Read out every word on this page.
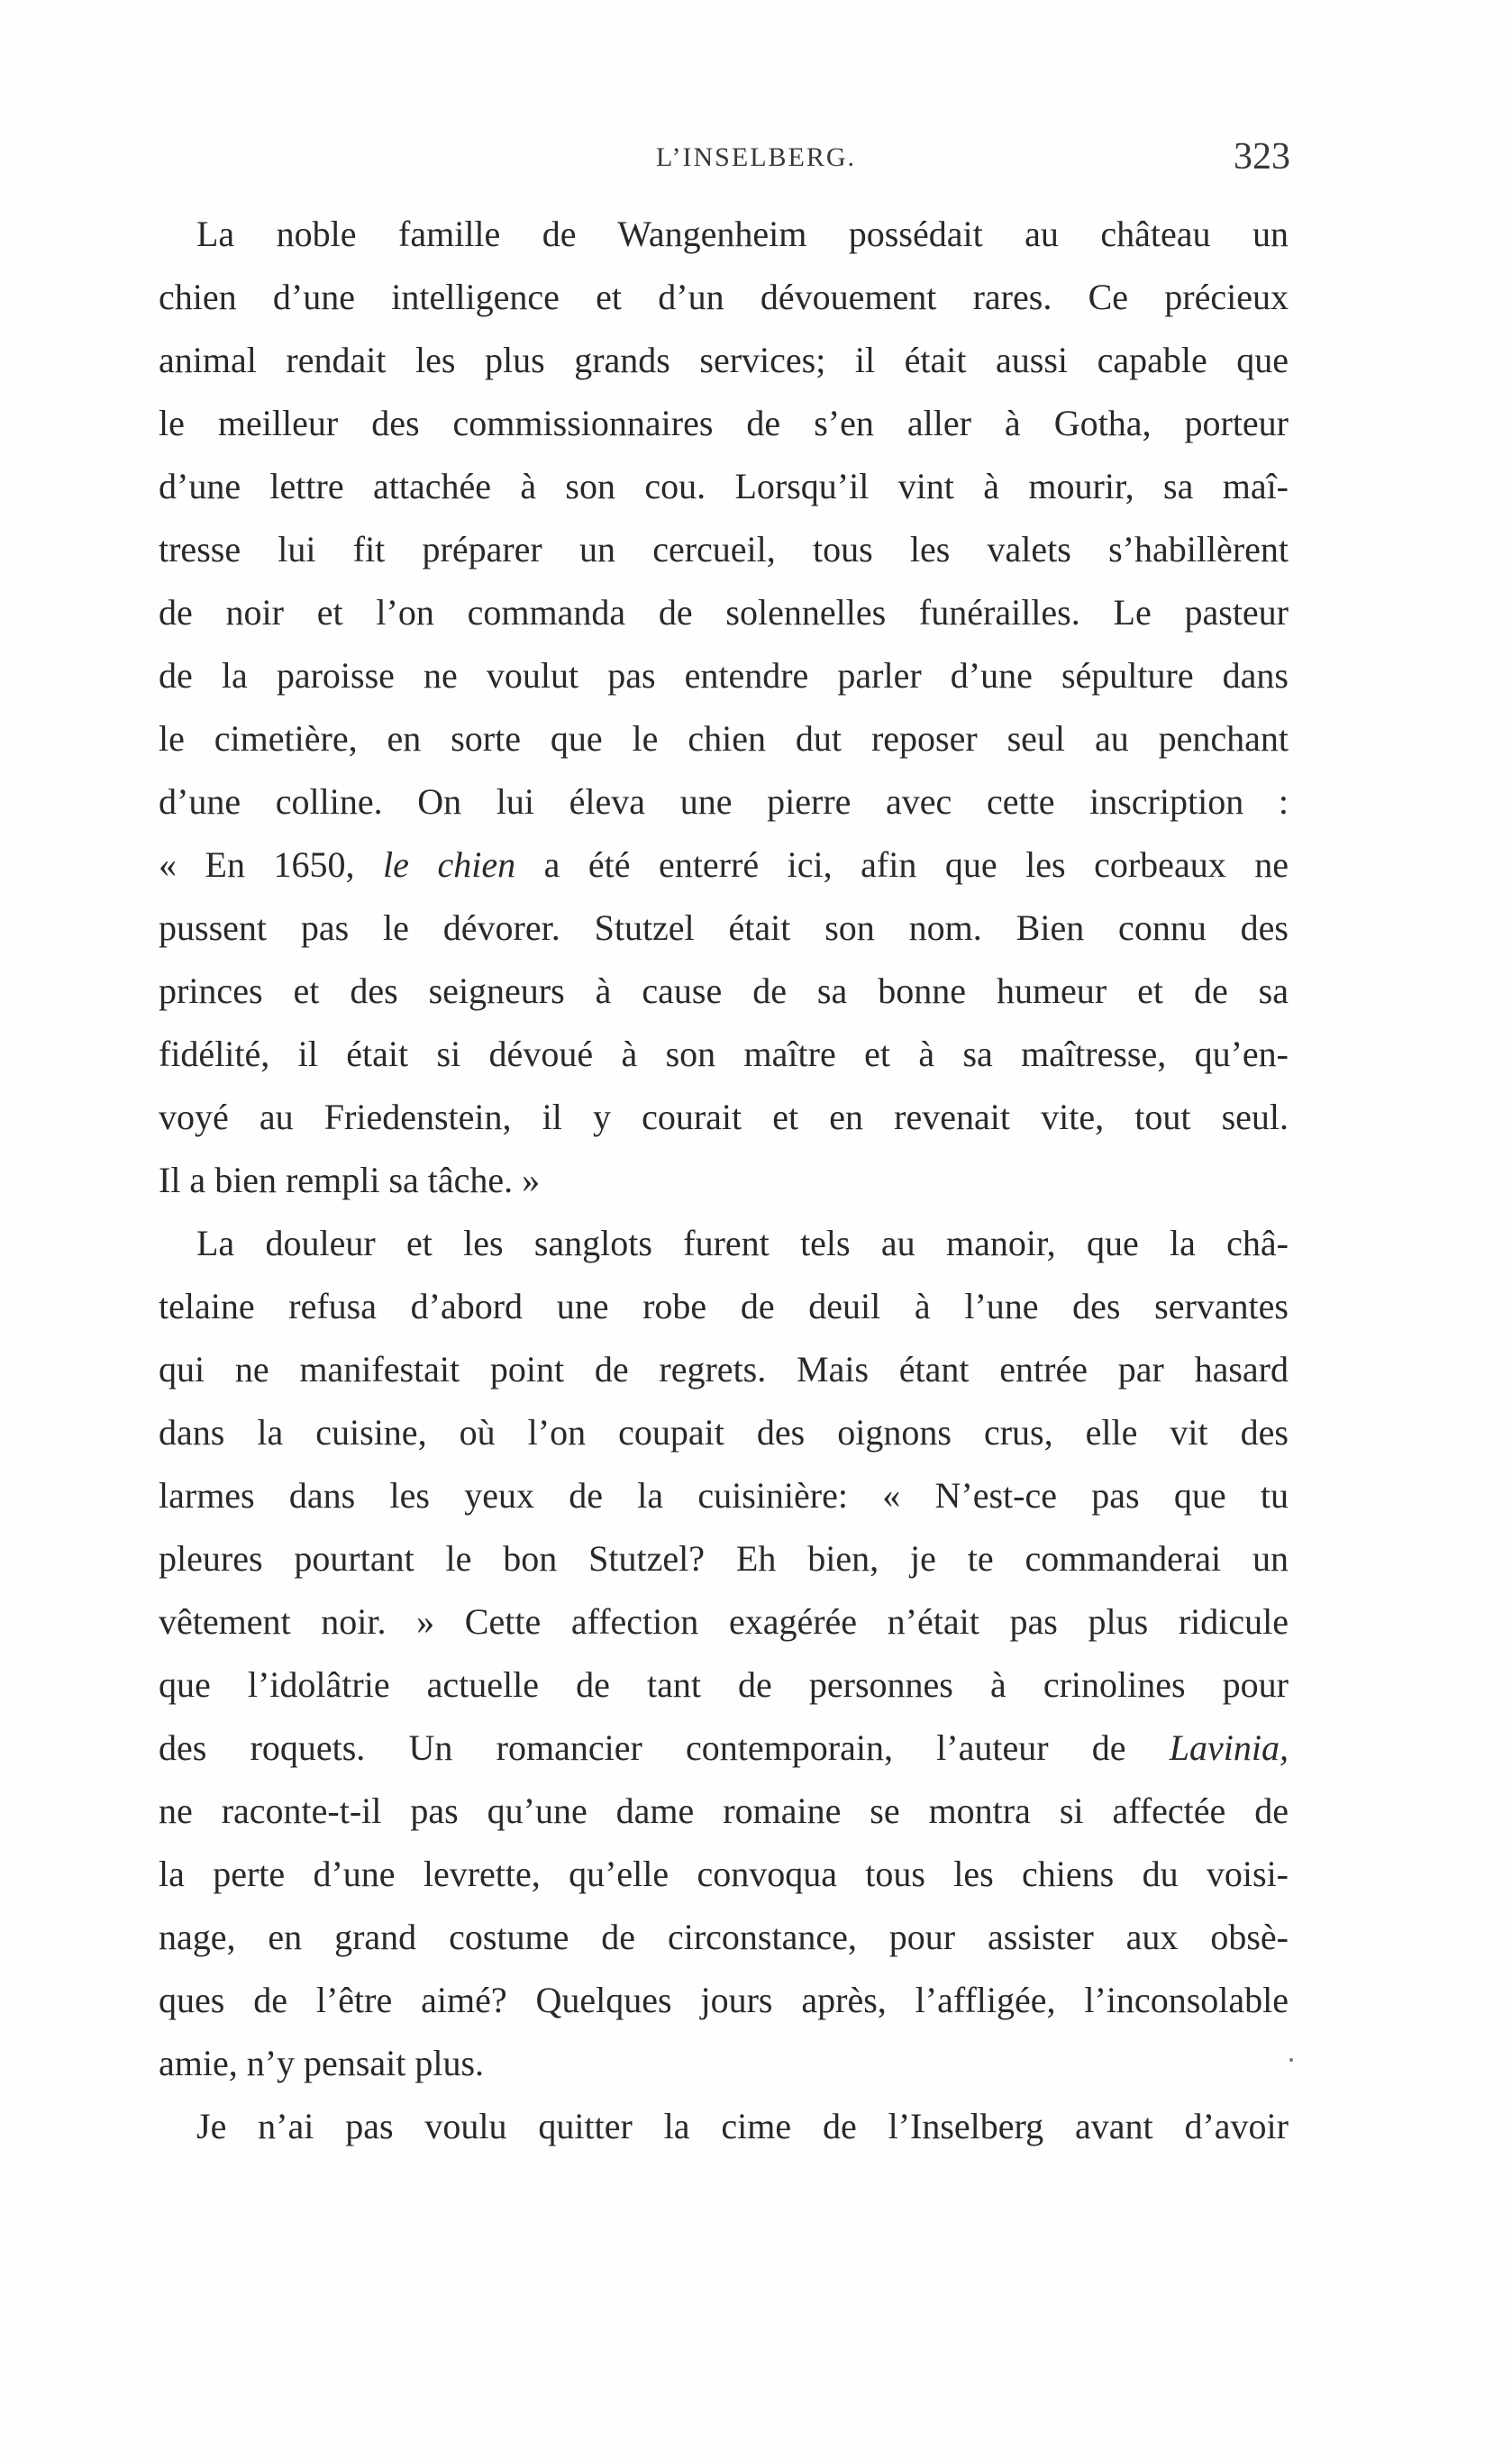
L’INSELBERG.	323
La noble famille de Wangenheim possédait au château un
chien d’une intelligence et d’un dévouement rares. Ce précieux
animal rendait les plus grands services; il était aussi capable que
le meilleur des commissionnaires de s’en aller à Gotha, porteur
d’une lettre attachée à son cou. Lorsqu’il vint à mourir, sa maî-
tresse lui fit préparer un cercueil, tous les valets s’habillèrent
de noir et l’on commanda de solennelles funérailles. Le pasteur
de la paroisse ne voulut pas entendre parler d’une sépulture dans
le cimetière, en sorte que le chien dut reposer seul au penchant
d’une colline. On lui éleva une pierre avec cette inscription :
« En 1650, le chien a été enterré ici, afin que les corbeaux ne
pussent pas le dévorer. Stutzel était son nom. Bien connu des
princes et des seigneurs à cause de sa bonne humeur et de sa
fidélité, il était si dévoué à son maître et à sa maîtresse, qu’en-
voyé au Friedenstein, il y courait et en revenait vite, tout seul.
Il a bien rempli sa tâche. »
La douleur et les sanglots furent tels au manoir, que la châ-
telaine refusa d’abord une robe de deuil à l’une des servantes
qui ne manifestait point de regrets. Mais étant entrée par hasard
dans la cuisine, où l’on coupait des oignons crus, elle vit des
larmes dans les yeux de la cuisinière: « N’est-ce pas que tu
pleures pourtant le bon Stutzel? Eh bien, je te commanderai un
vêtement noir. » Cette affection exagérée n’était pas plus ridicule
que l’idolâtrie actuelle de tant de personnes à crinolines pour
des roquets. Un romancier contemporain, l’auteur de Lavinia,
ne raconte-t-il pas qu’une dame romaine se montra si affectée de
la perte d’une levrette, qu’elle convoqua tous les chiens du voisi-
nage, en grand costume de circonstance, pour assister aux obsè-
ques de l’être aimé? Quelques jours après, l’affligée, l’inconsolable
amie, n’y pensait plus.
Je n’ai pas voulu quitter la cime de l’Inselberg avant d’avoir
